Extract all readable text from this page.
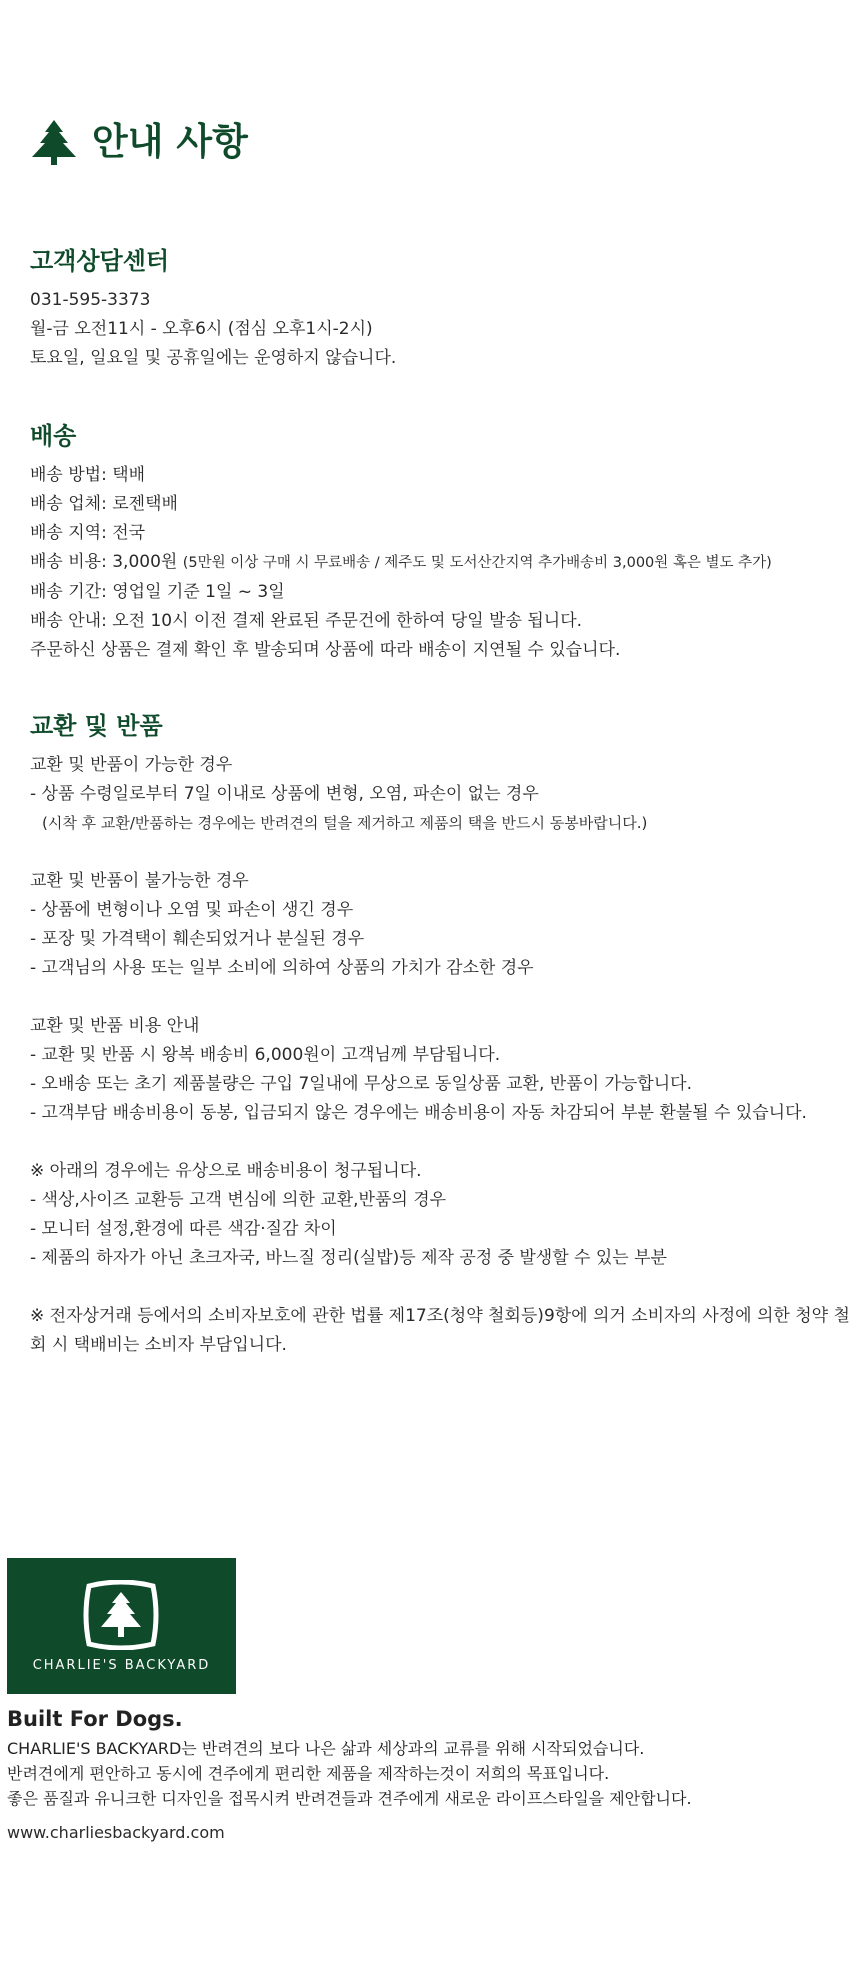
안내 사항
고객상담센터
031-595-3373
월-금 오전11시 - 오후6시 (점심 오후1시-2시)
토요일, 일요일 및 공휴일에는 운영하지 않습니다.
배송
배송 방법: 택배
배송 업체: 로젠택배
배송 지역: 전국
배송 비용: 3,000원 (5만원 이상 구매 시 무료배송 / 제주도 및 도서산간지역 추가배송비 3,000원 혹은 별도 추가)
배송 기간: 영업일 기준 1일 ~ 3일
배송 안내: 오전 10시 이전 결제 완료된 주문건에 한하여 당일 발송 됩니다.
주문하신 상품은 결제 확인 후 발송되며 상품에 따라 배송이 지연될 수 있습니다.
교환 및 반품
교환 및 반품이 가능한 경우
- 상품 수령일로부터 7일 이내로 상품에 변형, 오염, 파손이 없는 경우
(시착 후 교환/반품하는 경우에는 반려견의 털을 제거하고 제품의 택을 반드시 동봉바랍니다.)
교환 및 반품이 불가능한 경우
- 상품에 변형이나 오염 및 파손이 생긴 경우
- 포장 및 가격택이 훼손되었거나 분실된 경우
- 고객님의 사용 또는 일부 소비에 의하여 상품의 가치가 감소한 경우
교환 및 반품 비용 안내
- 교환 및 반품 시 왕복 배송비 6,000원이 고객님께 부담됩니다.
- 오배송 또는 초기 제품불량은 구입 7일내에 무상으로 동일상품 교환, 반품이 가능합니다.
- 고객부담 배송비용이 동봉, 입금되지 않은 경우에는 배송비용이 자동 차감되어 부분 환불될 수 있습니다.
※ 아래의 경우에는 유상으로 배송비용이 청구됩니다.
- 색상,사이즈 교환등 고객 변심에 의한 교환,반품의 경우
- 모니터 설정,환경에 따른 색감·질감 차이
- 제품의 하자가 아닌 초크자국, 바느질 정리(실밥)등 제작 공정 중 발생할 수 있는 부분
※ 전자상거래 등에서의 소비자보호에 관한 법률 제17조(청약 철회등)9항에 의거 소비자의 사정에 의한 청약 철회 시 택배비는 소비자 부담입니다.
CHARLIE'S BACKYARD
Built For Dogs.
CHARLIE'S BACKYARD는 반려견의 보다 나은 삶과 세상과의 교류를 위해 시작되었습니다.
반려견에게 편안하고 동시에 견주에게 편리한 제품을 제작하는것이 저희의 목표입니다.
좋은 품질과 유니크한 디자인을 접목시켜 반려견들과 견주에게 새로운 라이프스타일을 제안합니다.
www.charliesbackyard.com
